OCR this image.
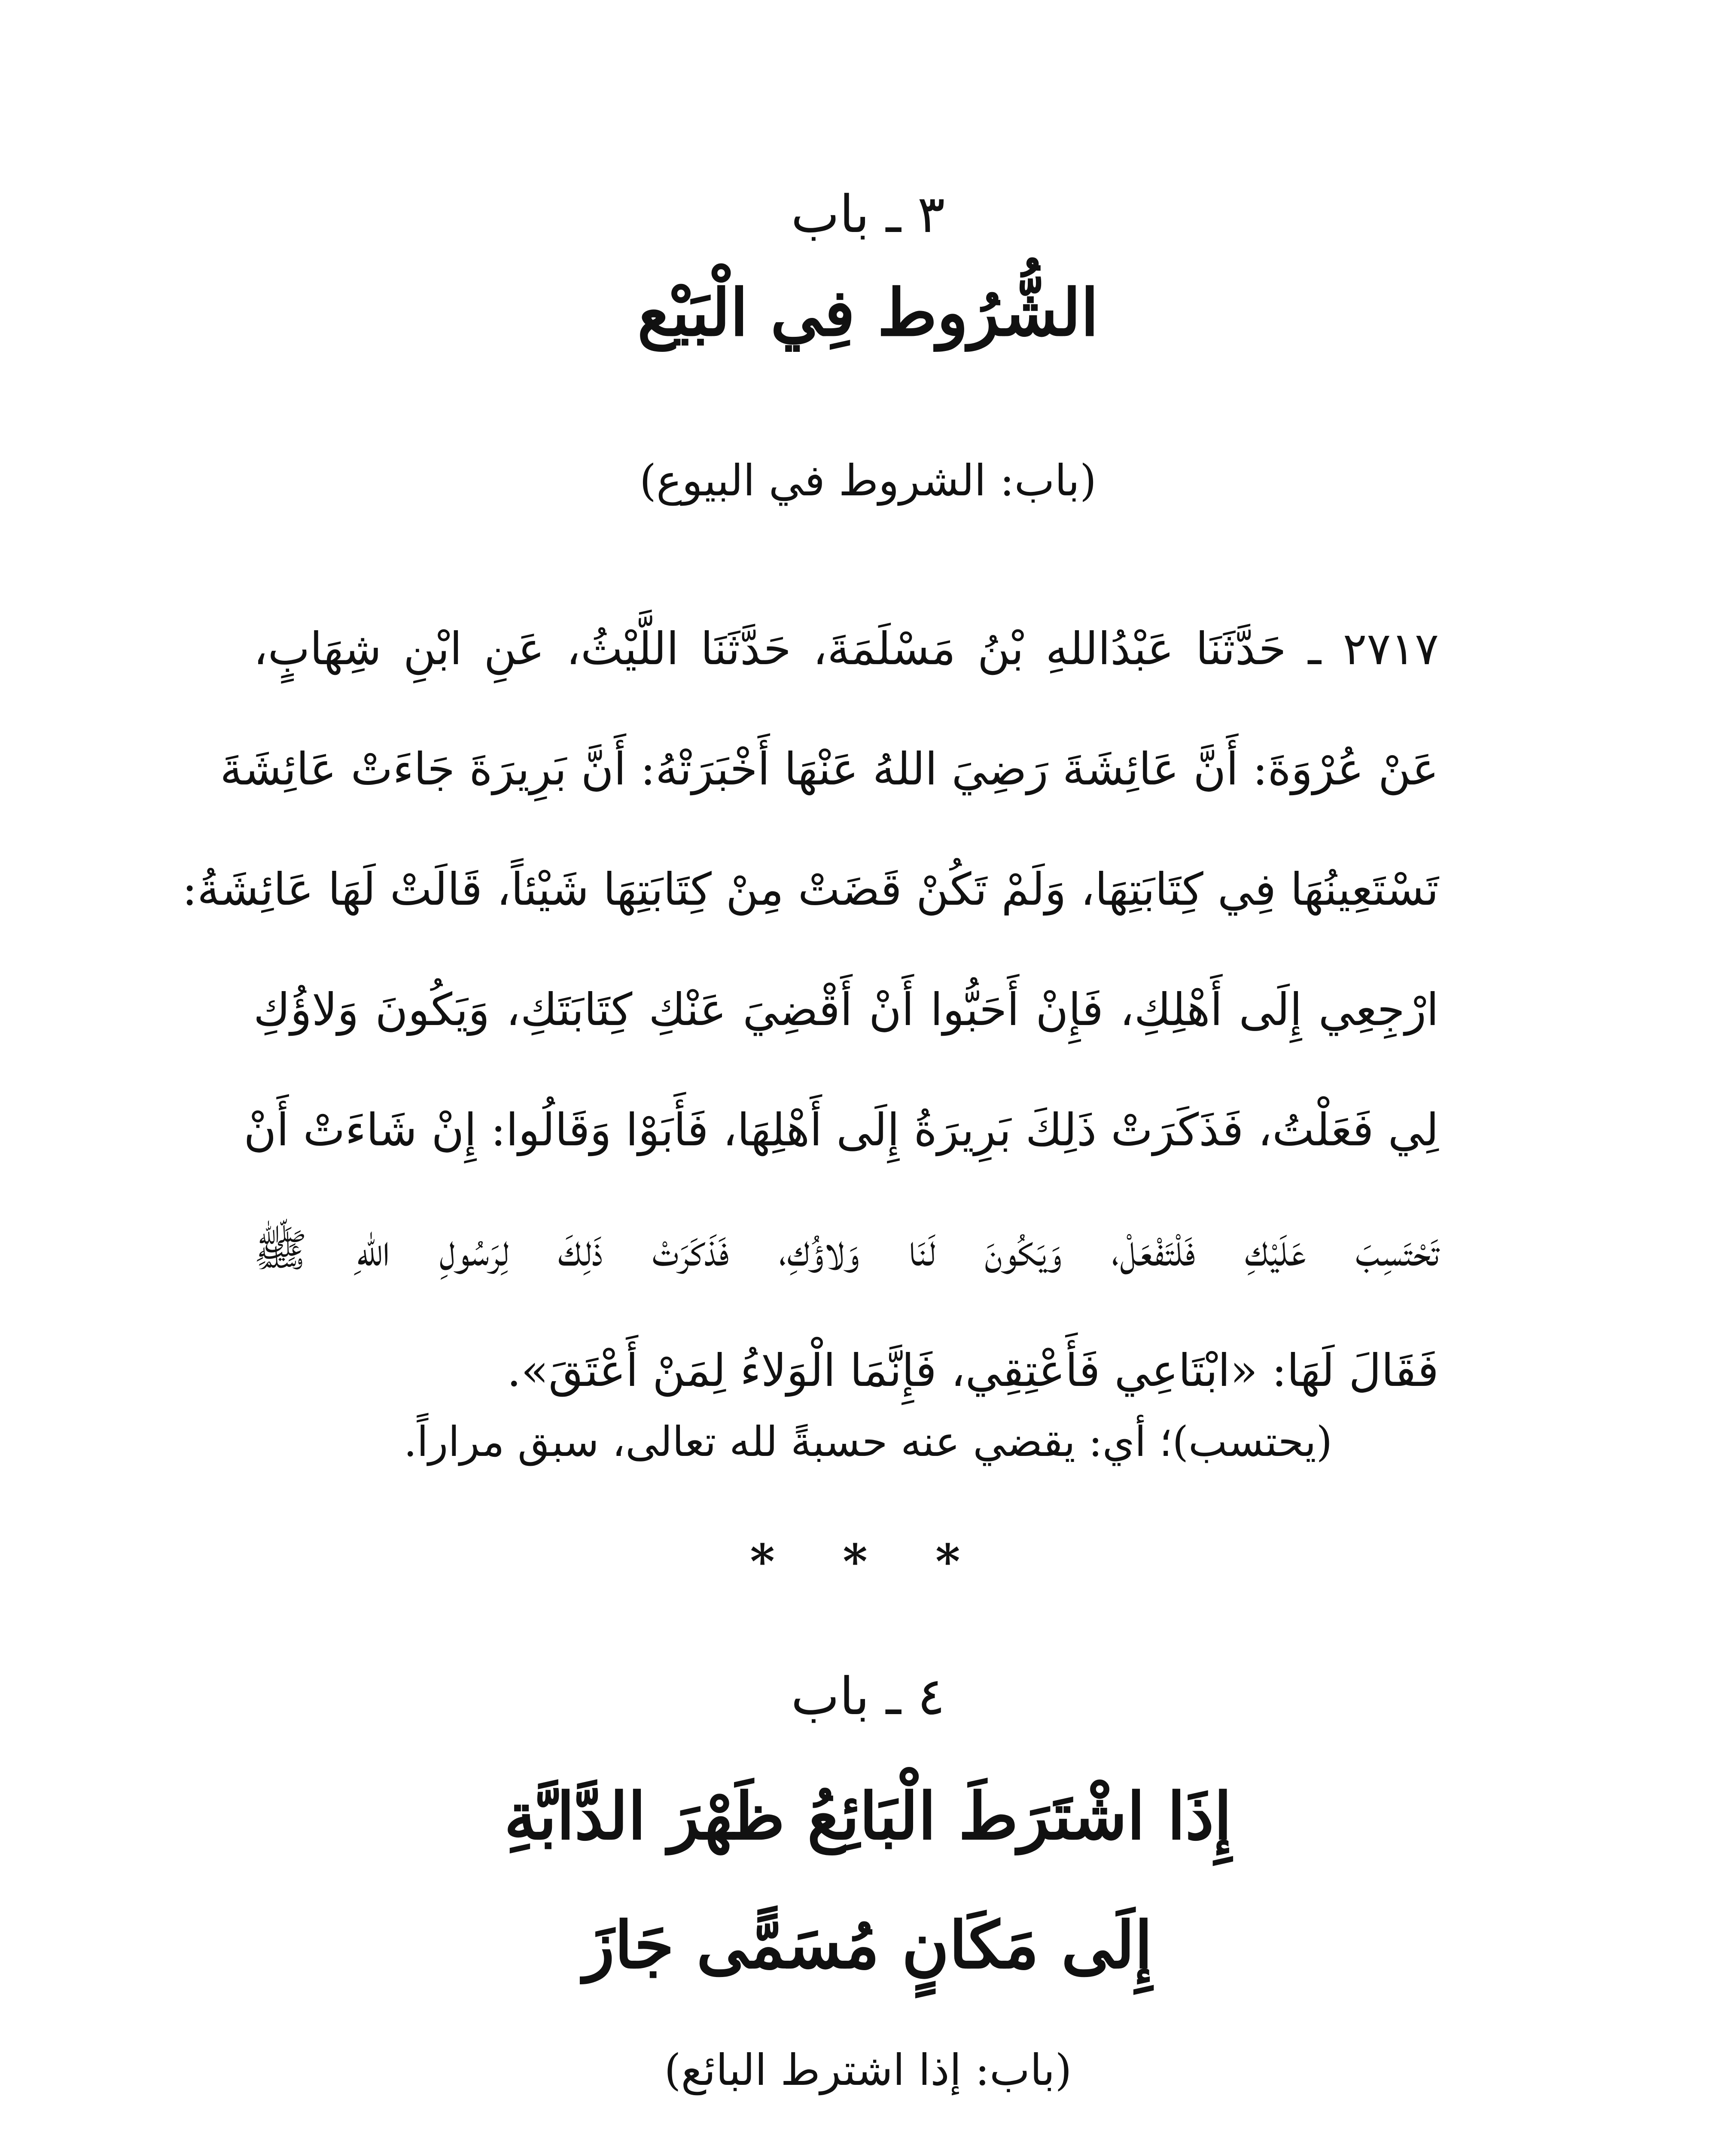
٣ ـ باب
الشُّرُوط فِي الْبَيْع
(باب: الشروط في البيوع)
٢٧١٧ ـ حَدَّثَنَا عَبْدُاللهِ بْنُ مَسْلَمَةَ، حَدَّثَنَا اللَّيْثُ، عَنِ ابْنِ شِهَابٍ،
عَنْ عُرْوَةَ: أَنَّ عَائِشَةَ رَضِيَ اللهُ عَنْهَا أَخْبَرَتْهُ: أَنَّ بَرِيرَةَ جَاءَتْ عَائِشَةَ
تَسْتَعِينُهَا فِي كِتَابَتِهَا، وَلَمْ تَكُنْ قَضَتْ مِنْ كِتَابَتِهَا شَيْئاً، قَالَتْ لَهَا عَائِشَةُ:
ارْجِعِي إِلَى أَهْلِكِ، فَإِنْ أَحَبُّوا أَنْ أَقْضِيَ عَنْكِ كِتَابَتَكِ، وَيَكُونَ وَلاؤُكِ
لِي فَعَلْتُ، فَذَكَرَتْ ذَلِكَ بَرِيرَةُ إِلَى أَهْلِهَا، فَأَبَوْا وَقَالُوا: إِنْ شَاءَتْ أَنْ
تَحْتَسِبَ عَلَيْكِ فَلْتَفْعَلْ، وَيَكُونَ لَنَا وَلاؤُكِ، فَذَكَرَتْ ذَلِكَ لِرَسُولِ اللهِ ﷺ
فَقَالَ لَهَا: «ابْتَاعِي فَأَعْتِقِي، فَإِنَّمَا الْوَلاءُ لِمَنْ أَعْتَقَ».
(يحتسب)؛ أي: يقضي عنه حسبةً لله تعالى، سبق مراراً.
* * *
٤ ـ باب
إِذَا اشْتَرَطَ الْبَائِعُ ظَهْرَ الدَّابَّةِ
إِلَى مَكَانٍ مُسَمًّى جَازَ
(باب: إذا اشترط البائع)
